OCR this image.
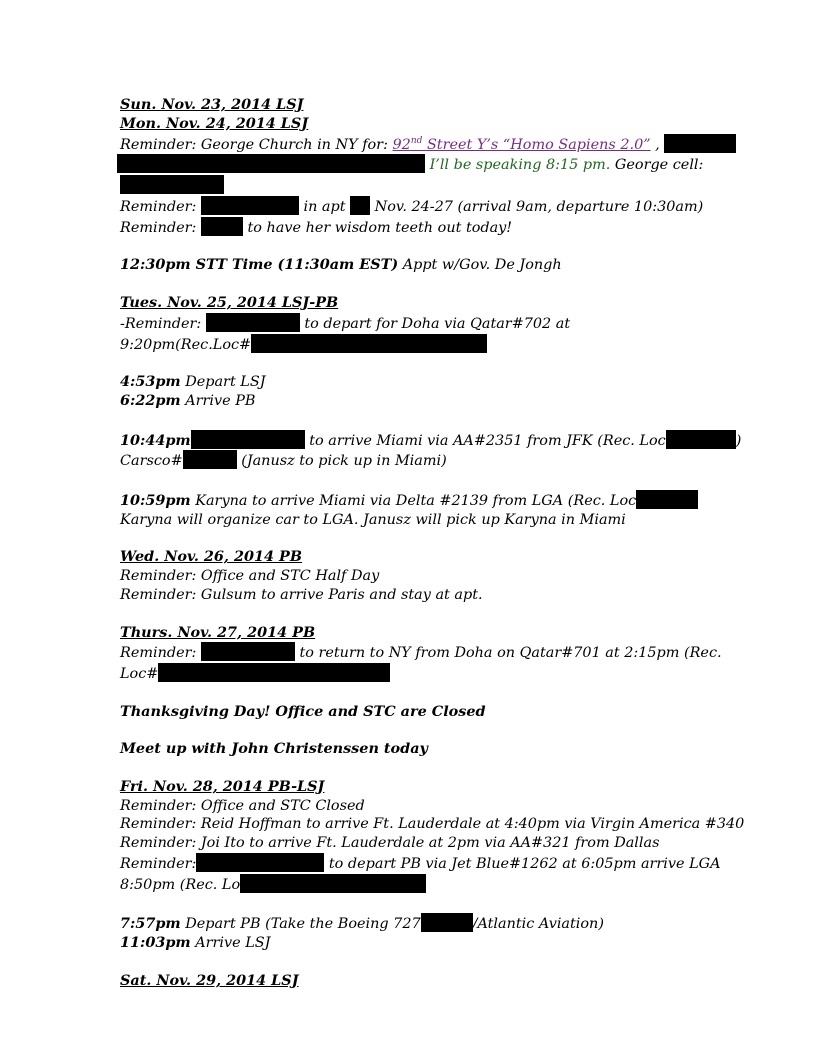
Sun. Nov. 23, 2014 LSJ
Mon. Nov. 24, 2014 LSJ
Reminder: George Church in NY for: 92nd Street Y’s “Homo Sapiens 2.0” ,
I’ll be speaking 8:15 pm. George cell:
Reminder:	in apt  Nov. 24-27 (arrival 9am, departure 10:30am)
Reminder:	to have her wisdom teeth out today!
12:30pm STT Time (11:30am EST) Appt w/Gov. De Jongh
Tues. Nov. 25, 2014 LSJ-PB
-Reminder:	to depart for Doha via Qatar#702 at
9:20pm(Rec.Loc#
4:53pm Depart LSJ
6:22pm Arrive PB
10:44pm	to arrive Miami via AA#2351 from JFK (Rec. Loc	)
Carsco#	(Janusz to pick up in Miami)
10:59pm Karyna to arrive Miami via Delta #2139 from LGA (Rec. Loc
Karyna will organize car to LGA. Janusz will pick up Karyna in Miami
Wed. Nov. 26, 2014 PB
Reminder: Office and STC Half Day
Reminder: Gulsum to arrive Paris and stay at apt.
Thurs. Nov. 27, 2014 PB
Reminder:	to return to NY from Doha on Qatar#701 at 2:15pm (Rec.
Loc#
Thanksgiving Day! Office and STC are Closed
Meet up with John Christenssen today
Fri. Nov. 28, 2014 PB-LSJ
Reminder: Office and STC Closed
Reminder: Reid Hoffman to arrive Ft. Lauderdale at 4:40pm via Virgin America #340
Reminder: Joi Ito to arrive Ft. Lauderdale at 2pm via AA#321 from Dallas
Reminder:	to depart PB via Jet Blue#1262 at 6:05pm arrive LGA
8:50pm (Rec. Lo
7:57pm Depart PB (Take the Boeing 727	/Atlantic Aviation)
11:03pm Arrive LSJ
Sat. Nov. 29, 2014 LSJ
